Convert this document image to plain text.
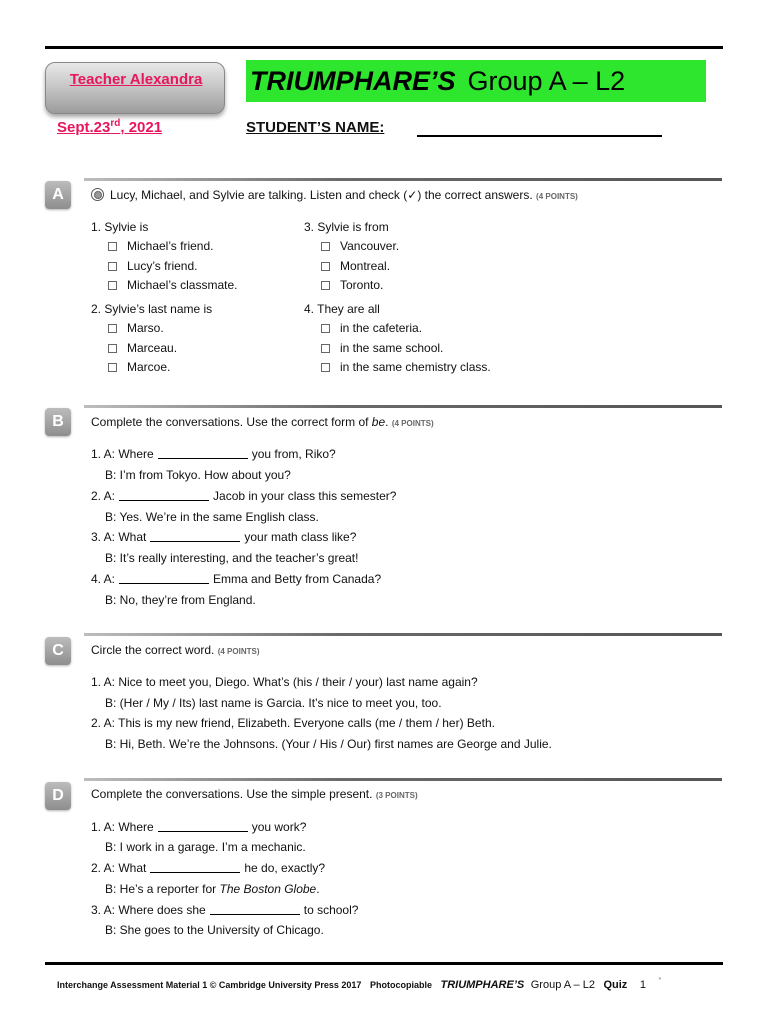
Teacher Alexandra	TRIUMPHARE’S Group A – L2
Sept.23rd, 2021	STUDENT’S NAME:
A	Lucy, Michael, and Sylvie are talking. Listen and check (✓) the correct answers. (4 POINTS)
1. Sylvie is
Michael’s friend.
Lucy’s friend.
Michael’s classmate.
2. Sylvie’s last name is
Marso.
Marceau.
Marcoe.
3. Sylvie is from
Vancouver.
Montreal.
Toronto.
4. They are all
in the cafeteria.
in the same school.
in the same chemistry class.
B	Complete the conversations. Use the correct form of be. (4 POINTS)
1. A: Where	you from, Riko?
B: I’m from Tokyo. How about you?
2. A:	Jacob in your class this semester?
B: Yes. We’re in the same English class.
3. A: What	your math class like?
B: It’s really interesting, and the teacher’s great!
4. A:	Emma and Betty from Canada?
B: No, they’re from England.
C	Circle the correct word. (4 POINTS)
1. A: Nice to meet you, Diego. What’s (his / their / your) last name again?
B: (Her / My / Its) last name is Garcia. It’s nice to meet you, too.
2. A: This is my new friend, Elizabeth. Everyone calls (me / them / her) Beth.
B: Hi, Beth. We’re the Johnsons. (Your / His / Our) first names are George and Julie.
D	Complete the conversations. Use the simple present. (3 POINTS)
1. A: Where	you work?
B: I work in a garage. I’m a mechanic.
2. A: What	he do, exactly?
B: He’s a reporter for The Boston Globe.
3. A: Where does she	to school?
B: She goes to the University of Chicago.
Interchange Assessment Material 1 © Cambridge University Press 2017 Photocopiable TRIUMPHARE’S Group A – L2 Quiz 1 *
